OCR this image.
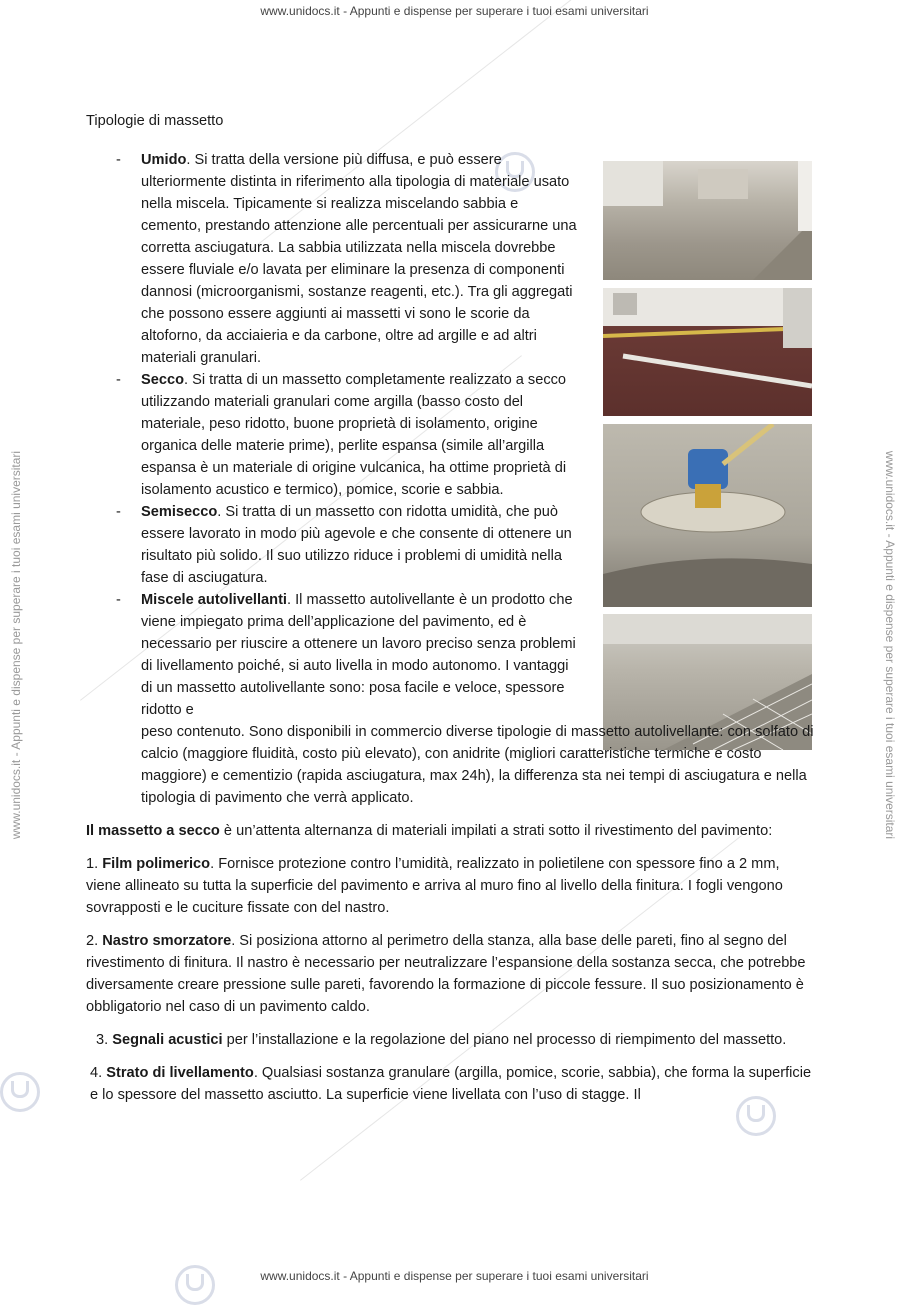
www.unidocs.it - Appunti e dispense per superare i tuoi esami universitari
www.unidocs.it - Appunti e dispense per superare i tuoi esami universitari
www.unidocs.it - Appunti e dispense per superare i tuoi esami universitari	www.unidocs.it - Appunti e dispense per superare i tuoi esami universitari
Tipologie di massetto
- Umido. Si tratta della versione più diffusa, e può essere ulteriormente distinta in riferimento alla tipologia di materiale usato nella miscela. Tipicamente si realizza miscelando sabbia e cemento, prestando attenzione alle percentuali per assicurarne una corretta asciugatura. La sabbia utilizzata nella miscela dovrebbe essere fluviale e/o lavata per eliminare la presenza di componenti dannosi (microorganismi, sostanze reagenti, etc.). Tra gli aggregati che possono essere aggiunti ai massetti vi sono le scorie da altoforno, da acciaieria e da carbone, oltre ad argille e ad altri materiali granulari.
- Secco. Si tratta di un massetto completamente realizzato a secco utilizzando materiali granulari come argilla (basso costo del materiale, peso ridotto, buone proprietà di isolamento, origine organica delle materie prime), perlite espansa (simile all’argilla espansa è un materiale di origine vulcanica, ha ottime proprietà di isolamento acustico e termico), pomice, scorie e sabbia.
- Semisecco. Si tratta di un massetto con ridotta umidità, che può essere lavorato in modo più agevole e che consente di ottenere un risultato più solido. Il suo utilizzo riduce i problemi di umidità nella fase di asciugatura.
- Miscele autolivellanti. Il massetto autolivellante è un prodotto che viene impiegato prima dell’applicazione del pavimento, ed è necessario per riuscire a ottenere un lavoro preciso senza problemi di livellamento poiché, si auto livella in modo autonomo. I vantaggi di un massetto autolivellante sono: posa facile e veloce, spessore ridotto e
peso contenuto. Sono disponibili in commercio diverse tipologie di massetto autolivellante: con solfato di calcio (maggiore fluidità, costo più elevato), con anidrite (migliori caratteristiche termiche e costo maggiore) e cementizio (rapida asciugatura, max 24h), la differenza sta nei tempi di asciugatura e nella tipologia di pavimento che verrà applicato.

Il massetto a secco è un’attenta alternanza di materiali impilati a strati sotto il rivestimento del pavimento:

1. Film polimerico. Fornisce protezione contro l’umidità, realizzato in polietilene con spessore fino a 2 mm, viene allineato su tutta la superficie del pavimento e arriva al muro fino al livello della finitura. I fogli vengono sovrapposti e le cuciture fissate con del nastro.

2. Nastro smorzatore. Si posiziona attorno al perimetro della stanza, alla base delle pareti, fino al segno del rivestimento di finitura. Il nastro è necessario per neutralizzare l’espansione della sostanza secca, che potrebbe diversamente creare pressione sulle pareti, favorendo la formazione di piccole fessure. Il suo posizionamento è obbligatorio nel caso di un pavimento caldo.

3. Segnali acustici per l’installazione e la regolazione del piano nel processo di riempimento del massetto.

4. Strato di livellamento. Qualsiasi sostanza granulare (argilla, pomice, scorie, sabbia), che forma la superficie e lo spessore del massetto asciutto. La superficie viene livellata con l’uso di stagge. Il
